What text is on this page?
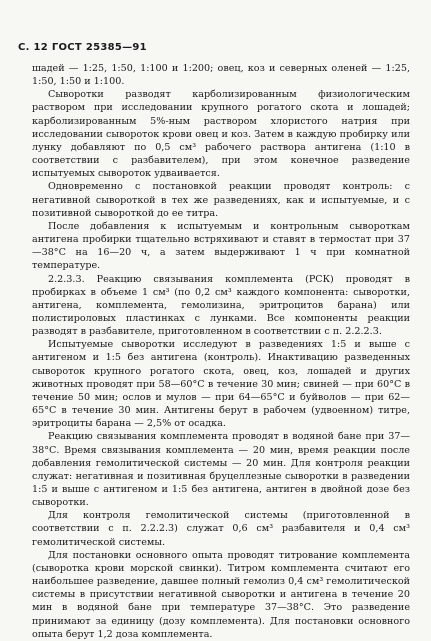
С. 12 ГОСТ 25385—91

шадей — 1:25, 1:50, 1:100 и 1:200; овец, коз и северных оленей — 1:25, 1:50, 1:50 и 1:100.

Сыворотки разводят карболизированным физиологическим раствором при исследовании крупного рогатого скота и лошадей; карболизированным 5%-ным раствором хлористого натрия при исследовании сывороток крови овец и коз. Затем в каждую пробирку или лунку добавляют по 0,5 см³ рабочего раствора антигена (1:10 в соответствии с разбавителем), при этом конечное разведение испытуемых сывороток удваивается.

Одновременно с постановкой реакции проводят контроль: с негативной сывороткой в тех же разведениях, как и испытуемые, и с позитивной сывороткой до ее титра.

После добавления к испытуемым и контрольным сывороткам антигена пробирки тщательно встряхивают и ставят в термостат при 37—38°С на 16—20 ч, а затем выдерживают 1 ч при комнатной температуре.

2.2.3.3. Реакцию связывания комплемента (РСК) проводят в пробирках в объеме 1 см³ (по 0,2 см³ каждого компонента: сыворотки, антигена, комплемента, гемолизина, эритроцитов барана) или полистироловых пластинках с лунками. Все компоненты реакции разводят в разбавителе, приготовленном в соответствии с п. 2.2.2.3.

Испытуемые сыворотки исследуют в разведениях 1:5 и выше с антигеном и 1:5 без антигена (контроль). Инактивацию разведенных сывороток крупного рогатого скота, овец, коз, лошадей и других животных проводят при 58—60°С в течение 30 мин; свиней — при 60°С в течение 50 мин; ослов и мулов — при 64—65°С и буйволов — при 62—65°С в течение 30 мин. Антигены берут в рабочем (удвоенном) титре, эритроциты барана — 2,5% от осадка.

Реакцию связывания комплемента проводят в водяной бане при 37—38°С. Время связывания комплемента — 20 мин, время реакции после добавления гемолитической системы — 20 мин. Для контроля реакции служат: негативная и позитивная бруцеллезные сыворотки в разведении 1:5 и выше с антигеном и 1:5 без антигена, антиген в двойной дозе без сыворотки.

Для контроля гемолитической системы (приготовленной в соответствии с п. 2.2.2.3) служат 0,6 см³ разбавителя и 0,4 см³ гемолитической системы.

Для постановки основного опыта проводят титрование комплемента (сыворотка крови морской свинки). Титром комплемента считают его наибольшее разведение, давшее полный гемолиз 0,4 см³ гемолитической системы в присутствии негативной сыворотки и антигена в течение 20 мин в водяной бане при температуре 37—38°С. Это разведение принимают за единицу (дозу комплемента). Для постановки основного опыта берут 1,2 доза комплемента.
